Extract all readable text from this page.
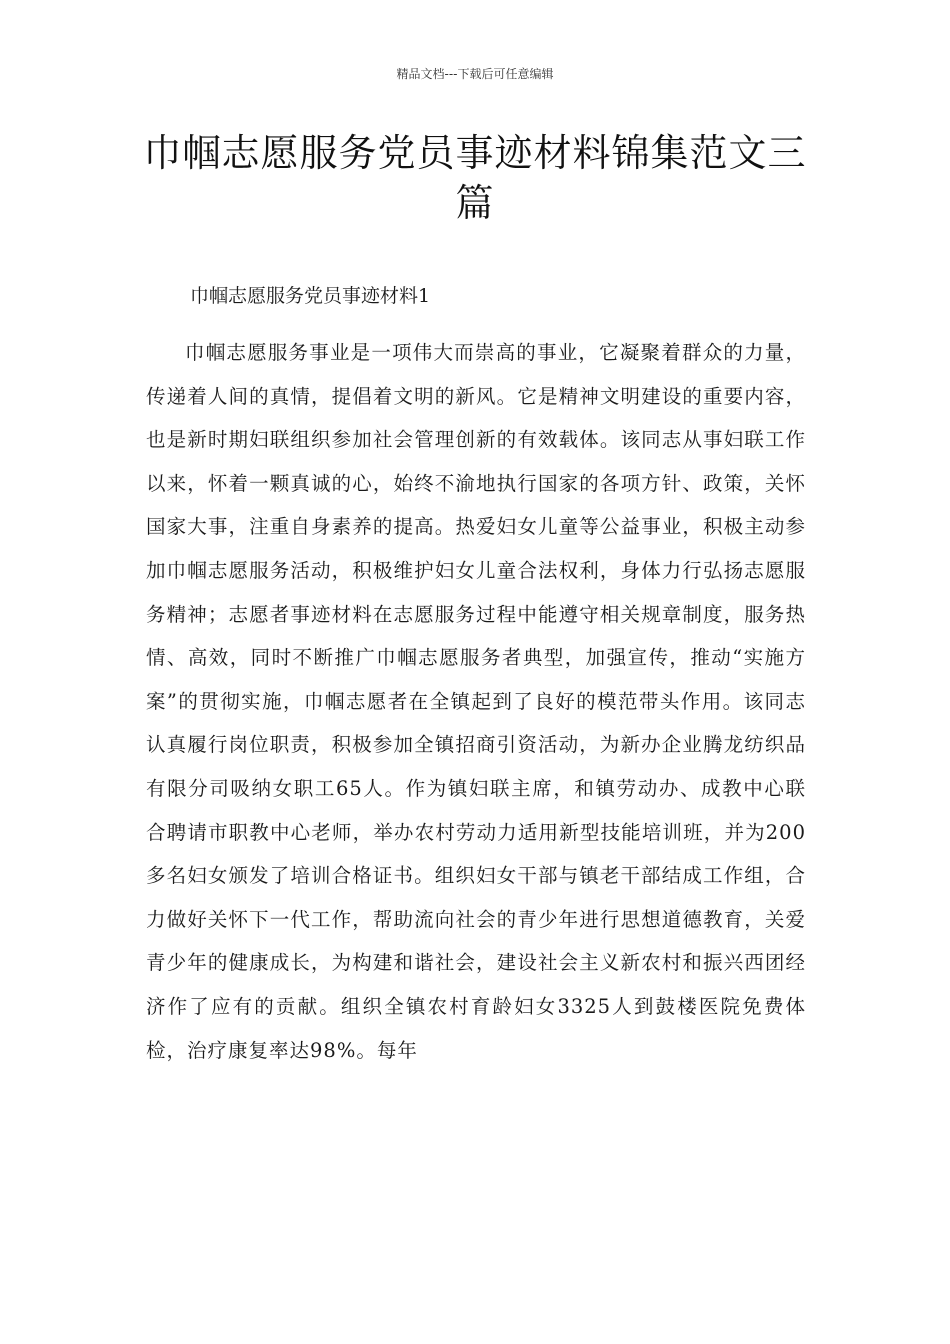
精品文档---下载后可任意编辑
巾帼志愿服务党员事迹材料锦集范文三篇

巾帼志愿服务党员事迹材料1

巾帼志愿服务事业是一项伟大而崇高的事业，它凝聚着群众的力量，传递着人间的真情，提倡着文明的新风。它是精神文明建设的重要内容，也是新时期妇联组织参加社会管理创新的有效载体。该同志从事妇联工作以来，怀着一颗真诚的心，始终不渝地执行国家的各项方针、政策，关怀国家大事，注重自身素养的提高。热爱妇女儿童等公益事业，积极主动参加巾帼志愿服务活动，积极维护妇女儿童合法权利，身体力行弘扬志愿服务精神；志愿者事迹材料在志愿服务过程中能遵守相关规章制度，服务热情、高效，同时不断推广巾帼志愿服务者典型，加强宣传，推动“实施方案”的贯彻实施，巾帼志愿者在全镇起到了良好的模范带头作用。该同志认真履行岗位职责，积极参加全镇招商引资活动，为新办企业腾龙纺织品有限分司吸纳女职工65人。作为镇妇联主席，和镇劳动办、成教中心联合聘请市职教中心老师，举办农村劳动力适用新型技能培训班，并为200多名妇女颁发了培训合格证书。组织妇女干部与镇老干部结成工作组，合力做好关怀下一代工作，帮助流向社会的青少年进行思想道德教育，关爱青少年的健康成长，为构建和谐社会，建设社会主义新农村和振兴西团经济作了应有的贡献。组织全镇农村育龄妇女3325人到鼓楼医院免费体检，治疗康复率达98%。每年
